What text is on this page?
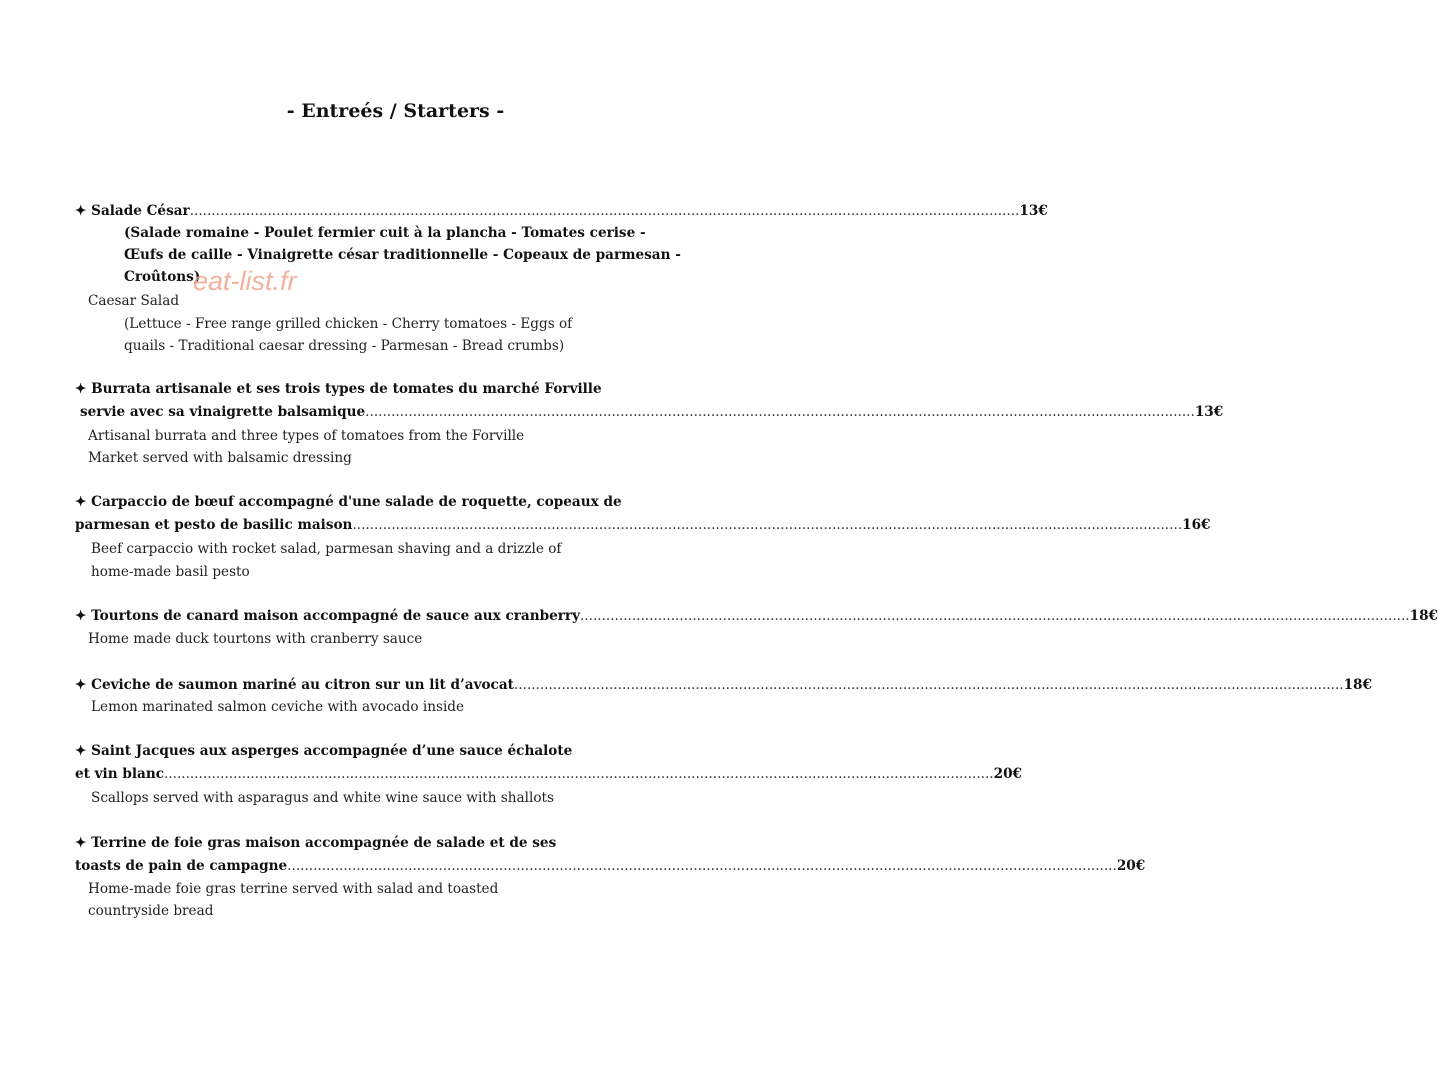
- Entreés / Starters -
✦ Salade César ................................................................................................................................................................................................ 13€
(Salade romaine - Poulet fermier cuit à la plancha - Tomates cerise -
Œufs de caille - Vinaigrette césar traditionnelle - Copeaux de parmesan -
Croûtons)
Caesar Salad
(Lettuce - Free range grilled chicken - Cherry tomatoes - Eggs of
quails - Traditional caesar dressing - Parmesan - Bread crumbs)
✦ Burrata artisanale et ses trois types de tomates du marché Forville
servie avec sa vinaigrette balsamique ................................................................................................................................................................................................ 13€
Artisanal burrata and three types of tomatoes from the Forville
Market served with balsamic dressing
✦ Carpaccio de bœuf accompagné d'une salade de roquette, copeaux de
parmesan et pesto de basilic maison ................................................................................................................................................................................................ 16€
Beef carpaccio with rocket salad, parmesan shaving and a drizzle of
home-made basil pesto
✦ Tourtons de canard maison accompagné de sauce aux cranberry ................................................................................................................................................................................................ 18€
Home made duck tourtons with cranberry sauce
✦ Ceviche de saumon mariné au citron sur un lit d’avocat ................................................................................................................................................................................................ 18€
Lemon marinated salmon ceviche with avocado inside
✦ Saint Jacques aux asperges accompagnée d’une sauce échalote
et vin blanc ................................................................................................................................................................................................ 20€
Scallops served with asparagus and white wine sauce with shallots
✦ Terrine de foie gras maison accompagnée de salade et de ses
toasts de pain de campagne ................................................................................................................................................................................................ 20€
Home-made foie gras terrine served with salad and toasted
countryside bread
eat-list.fr
